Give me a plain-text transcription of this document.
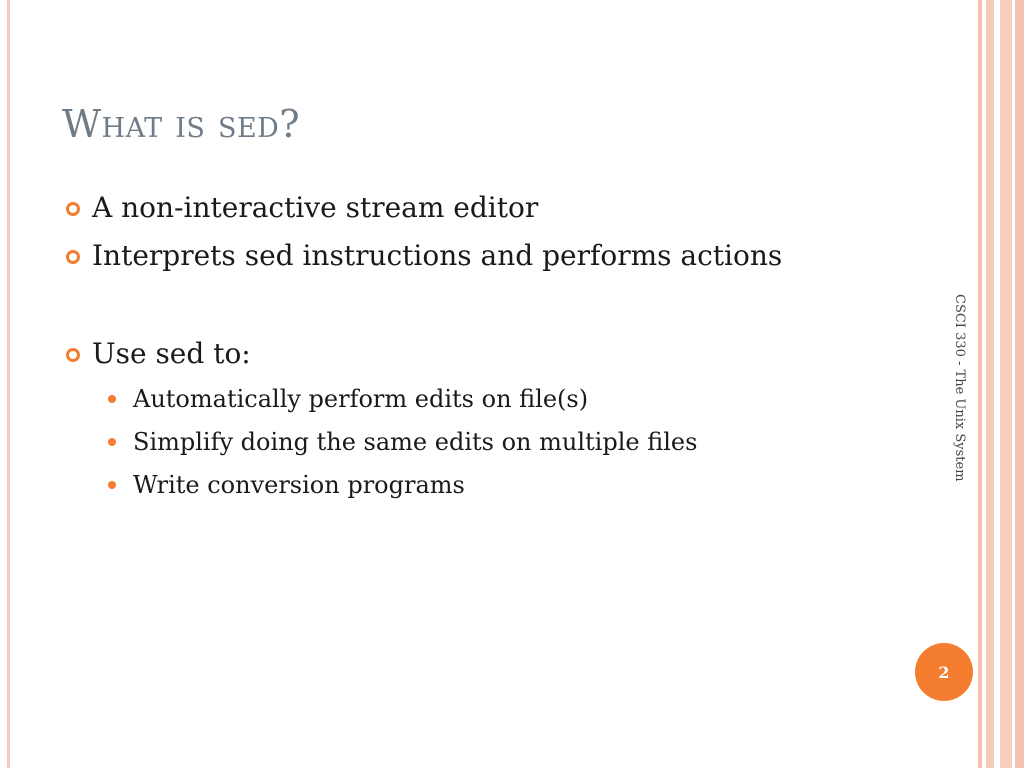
What is sed?
A non-interactive stream editor
Interprets sed instructions and performs actions
Use sed to:
Automatically perform edits on file(s)
Simplify doing the same edits on multiple files
Write conversion programs
CSCI 330 - The Unix System
2
